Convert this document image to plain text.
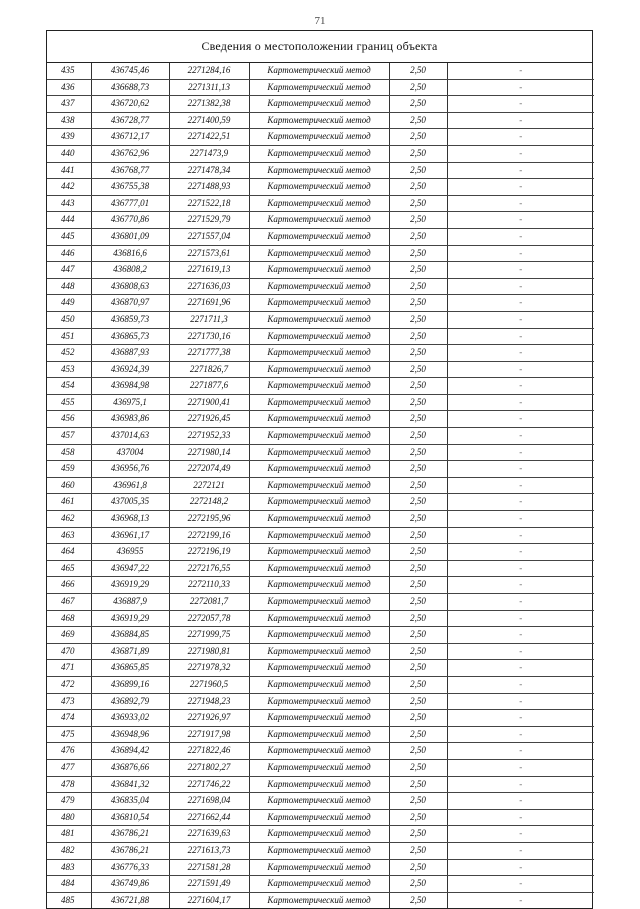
71
Сведения о местоположении границ объекта
435	436745,46	2271284,16	Картометрический метод	2,50	-
436	436688,73	2271311,13	Картометрический метод	2,50	-
437	436720,62	2271382,38	Картометрический метод	2,50	-
438	436728,77	2271400,59	Картометрический метод	2,50	-
439	436712,17	2271422,51	Картометрический метод	2,50	-
440	436762,96	2271473,9	Картометрический метод	2,50	-
441	436768,77	2271478,34	Картометрический метод	2,50	-
442	436755,38	2271488,93	Картометрический метод	2,50	-
443	436777,01	2271522,18	Картометрический метод	2,50	-
444	436770,86	2271529,79	Картометрический метод	2,50	-
445	436801,09	2271557,04	Картометрический метод	2,50	-
446	436816,6	2271573,61	Картометрический метод	2,50	-
447	436808,2	2271619,13	Картометрический метод	2,50	-
448	436808,63	2271636,03	Картометрический метод	2,50	-
449	436870,97	2271691,96	Картометрический метод	2,50	-
450	436859,73	2271711,3	Картометрический метод	2,50	-
451	436865,73	2271730,16	Картометрический метод	2,50	-
452	436887,93	2271777,38	Картометрический метод	2,50	-
453	436924,39	2271826,7	Картометрический метод	2,50	-
454	436984,98	2271877,6	Картометрический метод	2,50	-
455	436975,1	2271900,41	Картометрический метод	2,50	-
456	436983,86	2271926,45	Картометрический метод	2,50	-
457	437014,63	2271952,33	Картометрический метод	2,50	-
458	437004	2271980,14	Картометрический метод	2,50	-
459	436956,76	2272074,49	Картометрический метод	2,50	-
460	436961,8	2272121	Картометрический метод	2,50	-
461	437005,35	2272148,2	Картометрический метод	2,50	-
462	436968,13	2272195,96	Картометрический метод	2,50	-
463	436961,17	2272199,16	Картометрический метод	2,50	-
464	436955	2272196,19	Картометрический метод	2,50	-
465	436947,22	2272176,55	Картометрический метод	2,50	-
466	436919,29	2272110,33	Картометрический метод	2,50	-
467	436887,9	2272081,7	Картометрический метод	2,50	-
468	436919,29	2272057,78	Картометрический метод	2,50	-
469	436884,85	2271999,75	Картометрический метод	2,50	-
470	436871,89	2271980,81	Картометрический метод	2,50	-
471	436865,85	2271978,32	Картометрический метод	2,50	-
472	436899,16	2271960,5	Картометрический метод	2,50	-
473	436892,79	2271948,23	Картометрический метод	2,50	-
474	436933,02	2271926,97	Картометрический метод	2,50	-
475	436948,96	2271917,98	Картометрический метод	2,50	-
476	436894,42	2271822,46	Картометрический метод	2,50	-
477	436876,66	2271802,27	Картометрический метод	2,50	-
478	436841,32	2271746,22	Картометрический метод	2,50	-
479	436835,04	2271698,04	Картометрический метод	2,50	-
480	436810,54	2271662,44	Картометрический метод	2,50	-
481	436786,21	2271639,63	Картометрический метод	2,50	-
482	436786,21	2271613,73	Картометрический метод	2,50	-
483	436776,33	2271581,28	Картометрический метод	2,50	-
484	436749,86	2271591,49	Картометрический метод	2,50	-
485	436721,88	2271604,17	Картометрический метод	2,50	-
